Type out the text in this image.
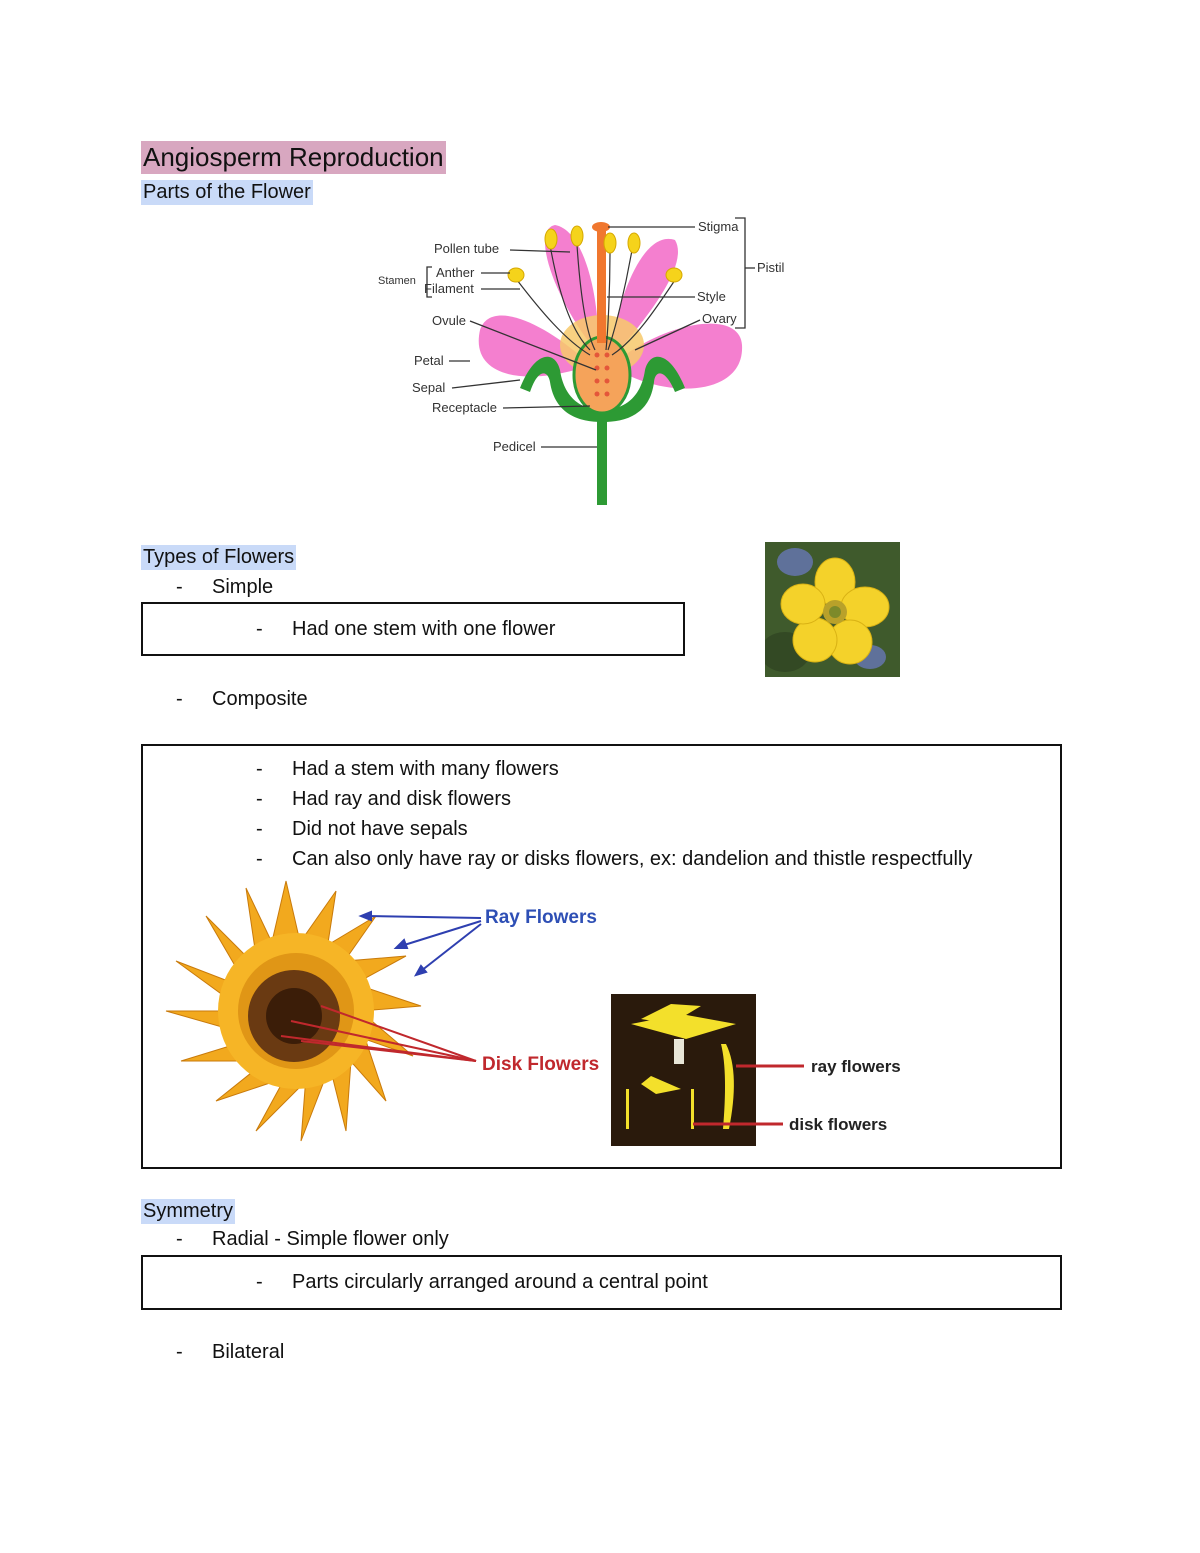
Angiosperm Reproduction
Parts of the Flower
Stigma
Pistil
Pollen tube
Stamen
Anther
Filament
Style
Ovary
Ovule
Petal
Sepal
Receptacle
Pedicel
Types of Flowers
- Simple
- Had one stem with one flower
- Composite
- Had a stem with many flowers
- Had ray and disk flowers
- Did not have sepals
- Can also only have ray or disks flowers, ex: dandelion and thistle respectfully
Ray Flowers
Disk Flowers	ray flowers
disk flowers
Symmetry
- Radial - Simple flower only
- Parts circularly arranged around a central point
- Bilateral
